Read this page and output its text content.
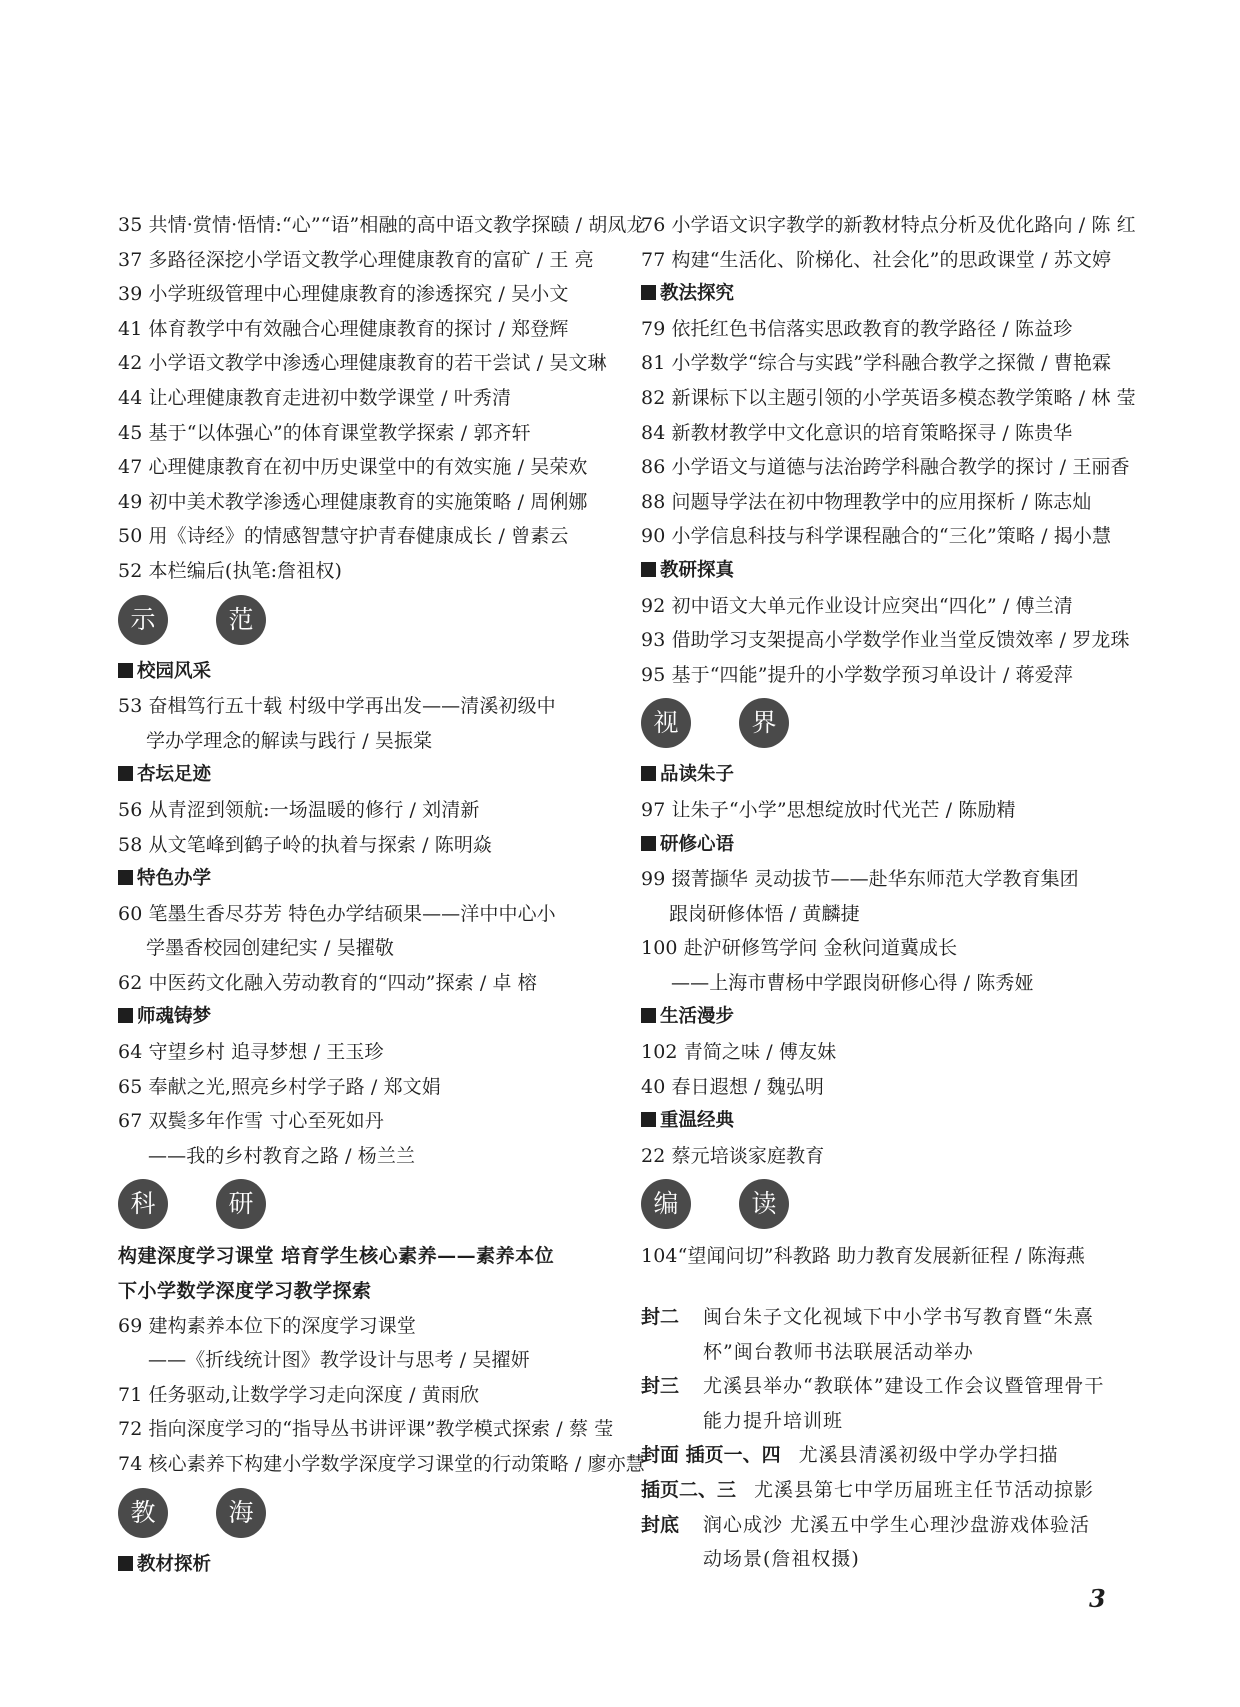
35 共情·赏情·悟情:“心”“语”相融的高中语文教学探赜 / 胡凤龙
37 多路径深挖小学语文教学心理健康教育的富矿 / 王 亮
39 小学班级管理中心理健康教育的渗透探究 / 吴小文
41 体育教学中有效融合心理健康教育的探讨 / 郑登辉
42 小学语文教学中渗透心理健康教育的若干尝试 / 吴文琳
44 让心理健康教育走进初中数学课堂 / 叶秀清
45 基于“以体强心”的体育课堂教学探索 / 郭齐轩
47 心理健康教育在初中历史课堂中的有效实施 / 吴荣欢
49 初中美术教学渗透心理健康教育的实施策略 / 周俐娜
50 用《诗经》的情感智慧守护青春健康成长 / 曾素云
52 本栏编后(执笔:詹祖权)
示	范
校园风采
53 奋楫笃行五十载 村级中学再出发——清溪初级中
学办学理念的解读与践行 / 吴振棠
杏坛足迹
56 从青涩到领航:一场温暖的修行 / 刘清新
58 从文笔峰到鹤子岭的执着与探索 / 陈明焱
特色办学
60 笔墨生香尽芬芳 特色办学结硕果——洋中中心小
学墨香校园创建纪实 / 吴擢敬
62 中医药文化融入劳动教育的“四动”探索 / 卓 榕
师魂铸梦
64 守望乡村 追寻梦想 / 王玉珍
65 奉献之光,照亮乡村学子路 / 郑文娟
67 双鬓多年作雪 寸心至死如丹
——我的乡村教育之路 / 杨兰兰
科	研
构建深度学习课堂 培育学生核心素养——素养本位
下小学数学深度学习教学探索
69 建构素养本位下的深度学习课堂
——《折线统计图》教学设计与思考 / 吴擢妍
71 任务驱动,让数学学习走向深度 / 黄雨欣
72 指向深度学习的“指导丛书讲评课”教学模式探索 / 蔡 莹
74 核心素养下构建小学数学深度学习课堂的行动策略 / 廖亦慧
教	海
教材探析
76 小学语文识字教学的新教材特点分析及优化路向 / 陈 红
77 构建“生活化、阶梯化、社会化”的思政课堂 / 苏文婷
教法探究
79 依托红色书信落实思政教育的教学路径 / 陈益珍
81 小学数学“综合与实践”学科融合教学之探微 / 曹艳霖
82 新课标下以主题引领的小学英语多模态教学策略 / 林 莹
84 新教材教学中文化意识的培育策略探寻 / 陈贵华
86 小学语文与道德与法治跨学科融合教学的探讨 / 王丽香
88 问题导学法在初中物理教学中的应用探析 / 陈志灿
90 小学信息科技与科学课程融合的“三化”策略 / 揭小慧
教研探真
92 初中语文大单元作业设计应突出“四化” / 傅兰清
93 借助学习支架提高小学数学作业当堂反馈效率 / 罗龙珠
95 基于“四能”提升的小学数学预习单设计 / 蒋爱萍
视	界
品读朱子
97 让朱子“小学”思想绽放时代光芒 / 陈励精
研修心语
99 掇菁撷华 灵动拔节——赴华东师范大学教育集团
跟岗研修体悟 / 黄麟捷
100 赴沪研修笃学问 金秋问道冀成长
——上海市曹杨中学跟岗研修心得 / 陈秀娅
生活漫步
102 青简之味 / 傅友妹
40 春日遐想 / 魏弘明
重温经典
22 蔡元培谈家庭教育
编	读
104“望闻问切”科教路 助力教育发展新征程 / 陈海燕
封二	闽台朱子文化视域下中小学书写教育暨“朱熹
杯”闽台教师书法联展活动举办
封三	尤溪县举办“教联体”建设工作会议暨管理骨干
能力提升培训班
封面 插页一、四 尤溪县清溪初级中学办学扫描
插页二、三 尤溪县第七中学历届班主任节活动掠影
封底	润心成沙 尤溪五中学生心理沙盘游戏体验活
动场景(詹祖权摄)
3
